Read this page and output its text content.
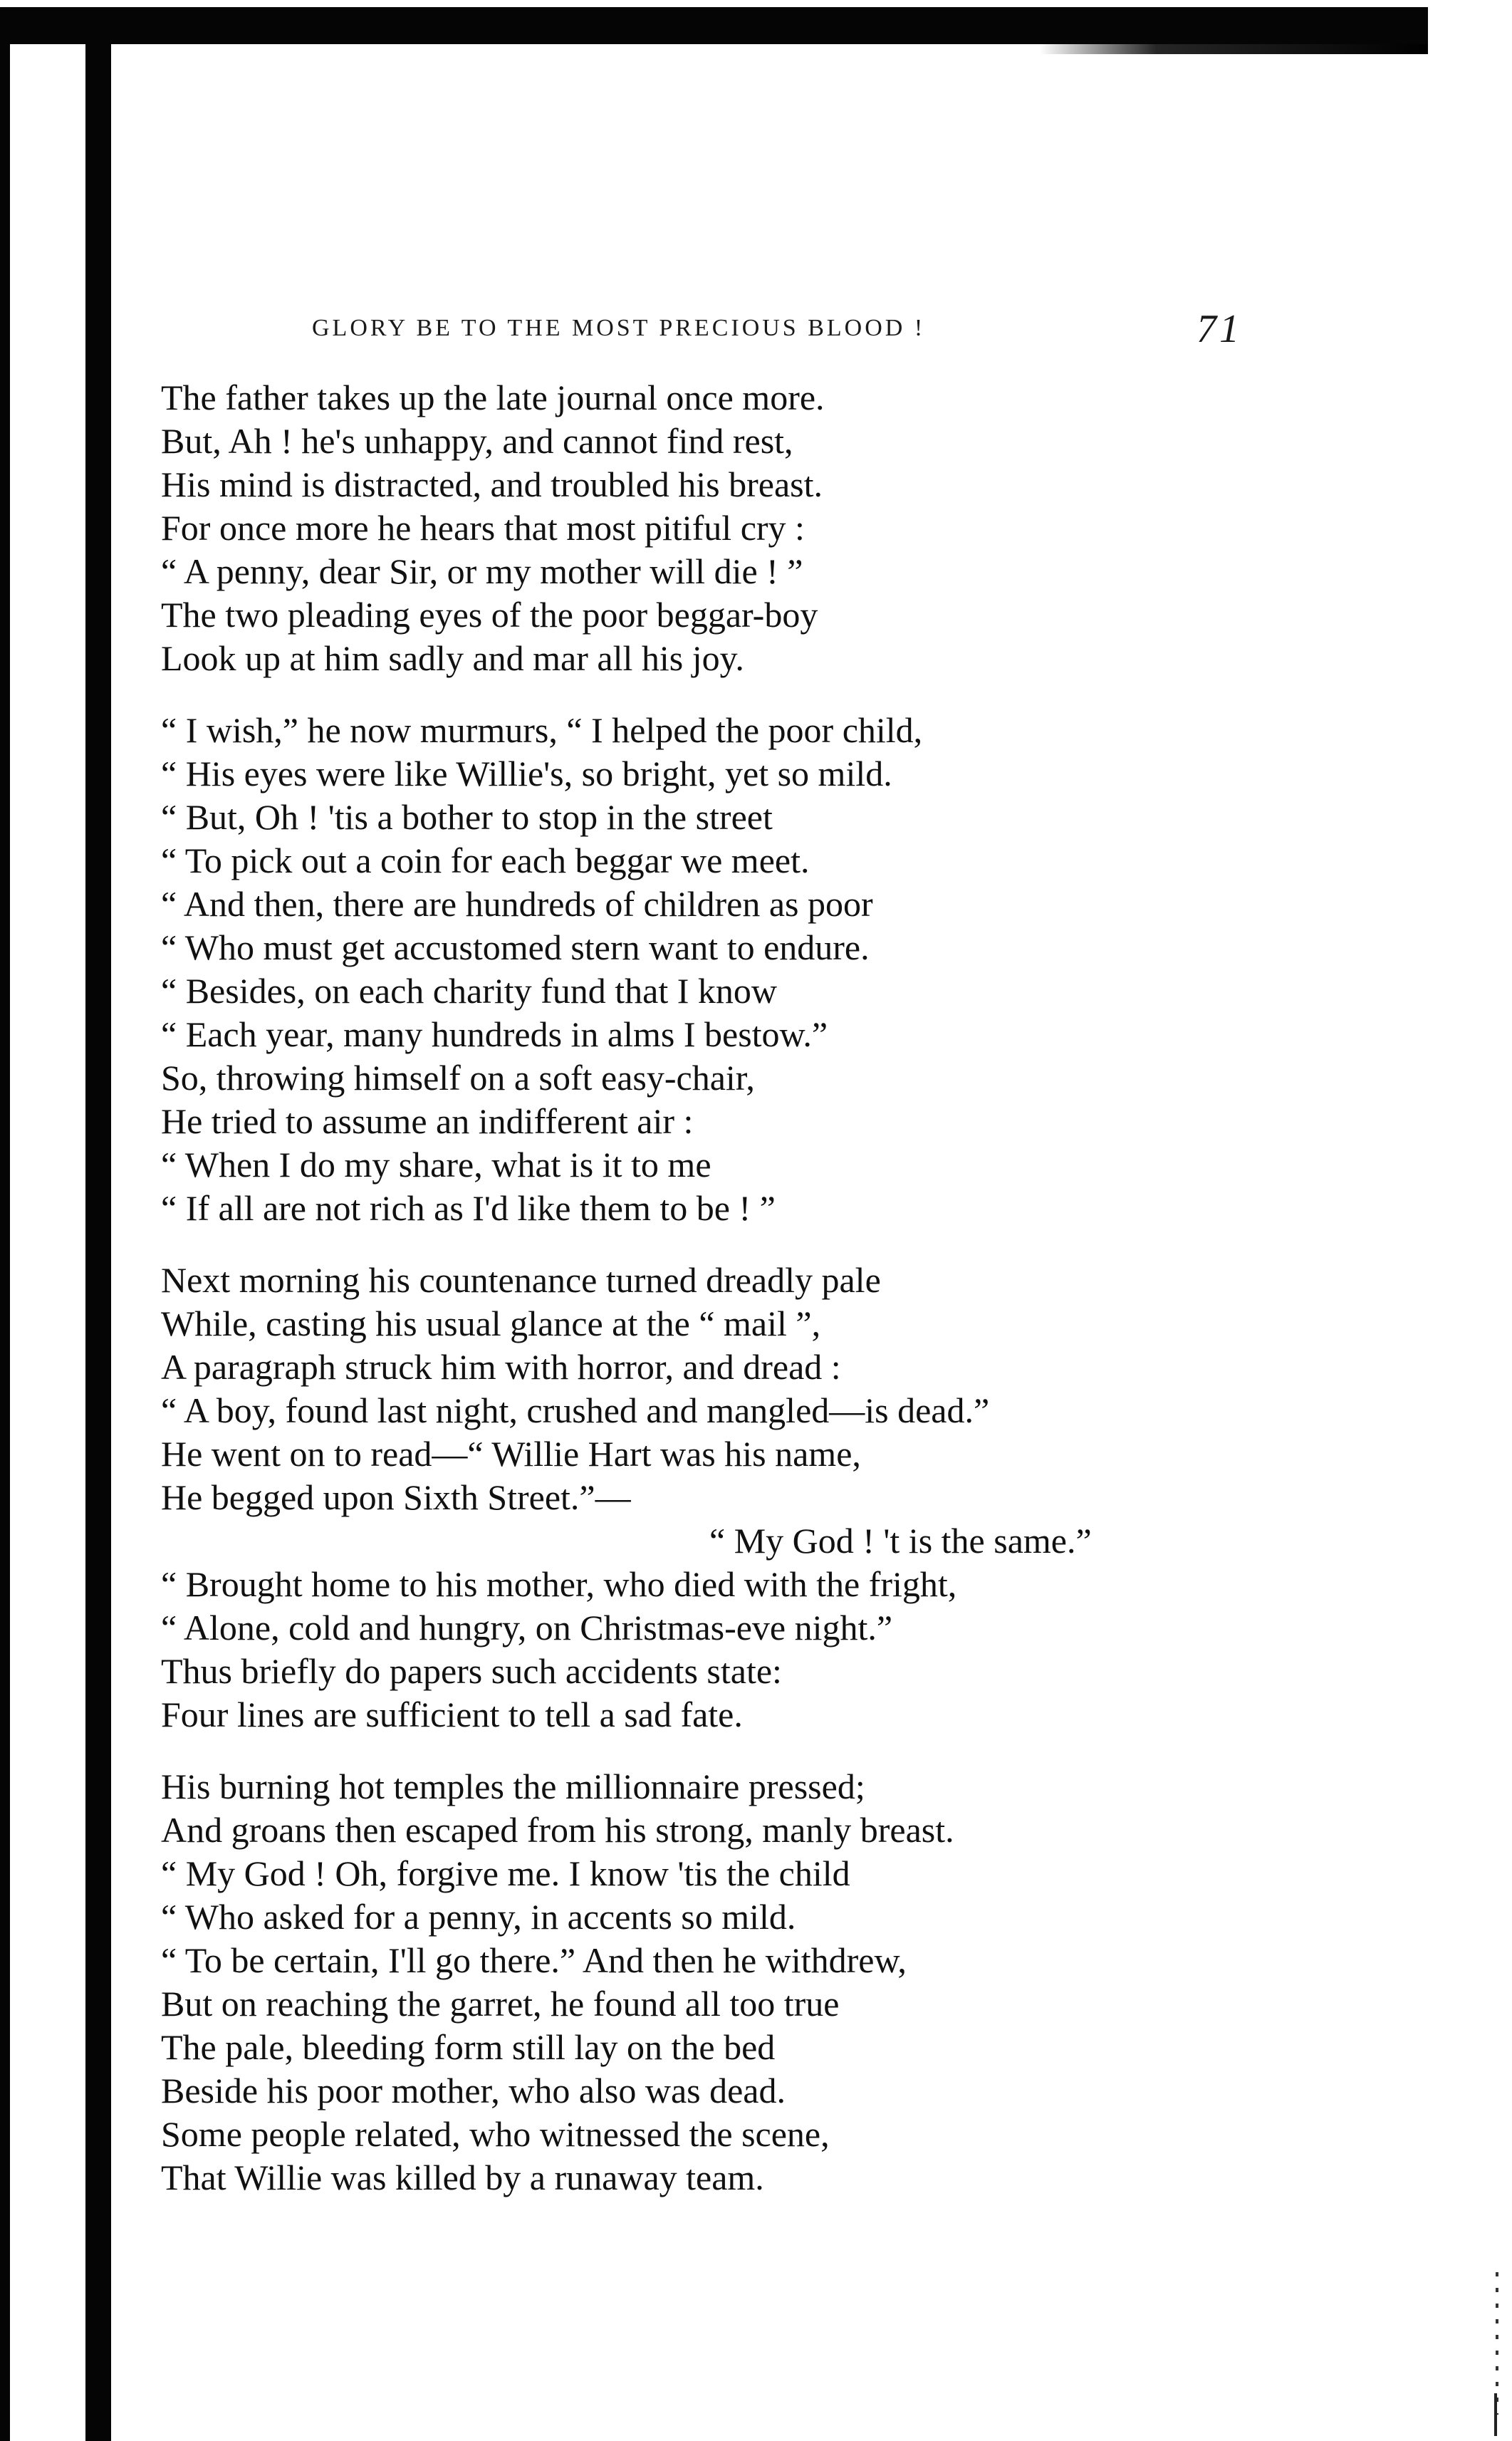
GLORY BE TO THE MOST PRECIOUS BLOOD !	71
The father takes up the late journal once more.
But, Ah ! he's unhappy, and cannot find rest,
His mind is distracted, and troubled his breast.
For once more he hears that most pitiful cry :
“ A penny, dear Sir, or my mother will die ! ”
The two pleading eyes of the poor beggar-boy
Look up at him sadly and mar all his joy.
“ I wish,” he now murmurs, “ I helped the poor child,
“ His eyes were like Willie's, so bright, yet so mild.
“ But, Oh ! 'tis a bother to stop in the street
“ To pick out a coin for each beggar we meet.
“ And then, there are hundreds of children as poor
“ Who must get accustomed stern want to endure.
“ Besides, on each charity fund that I know
“ Each year, many hundreds in alms I bestow.”
So, throwing himself on a soft easy-chair,
He tried to assume an indifferent air :
“ When I do my share, what is it to me
“ If all are not rich as I'd like them to be ! ”
Next morning his countenance turned dreadly pale
While, casting his usual glance at the “ mail ”,
A paragraph struck him with horror, and dread :
“ A boy, found last night, crushed and mangled—is dead.”
He went on to read—“ Willie Hart was his name,
He begged upon Sixth Street.”—
“ My God ! 't is the same.”
“ Brought home to his mother, who died with the fright,
“ Alone, cold and hungry, on Christmas-eve night.”
Thus briefly do papers such accidents state:
Four lines are sufficient to tell a sad fate.
His burning hot temples the millionnaire pressed;
And groans then escaped from his strong, manly breast.
“ My God ! Oh, forgive me. I know 'tis the child
“ Who asked for a penny, in accents so mild.
“ To be certain, I'll go there.” And then he withdrew,
But on reaching the garret, he found all too true
The pale, bleeding form still lay on the bed
Beside his poor mother, who also was dead.
Some people related, who witnessed the scene,
That Willie was killed by a runaway team.
